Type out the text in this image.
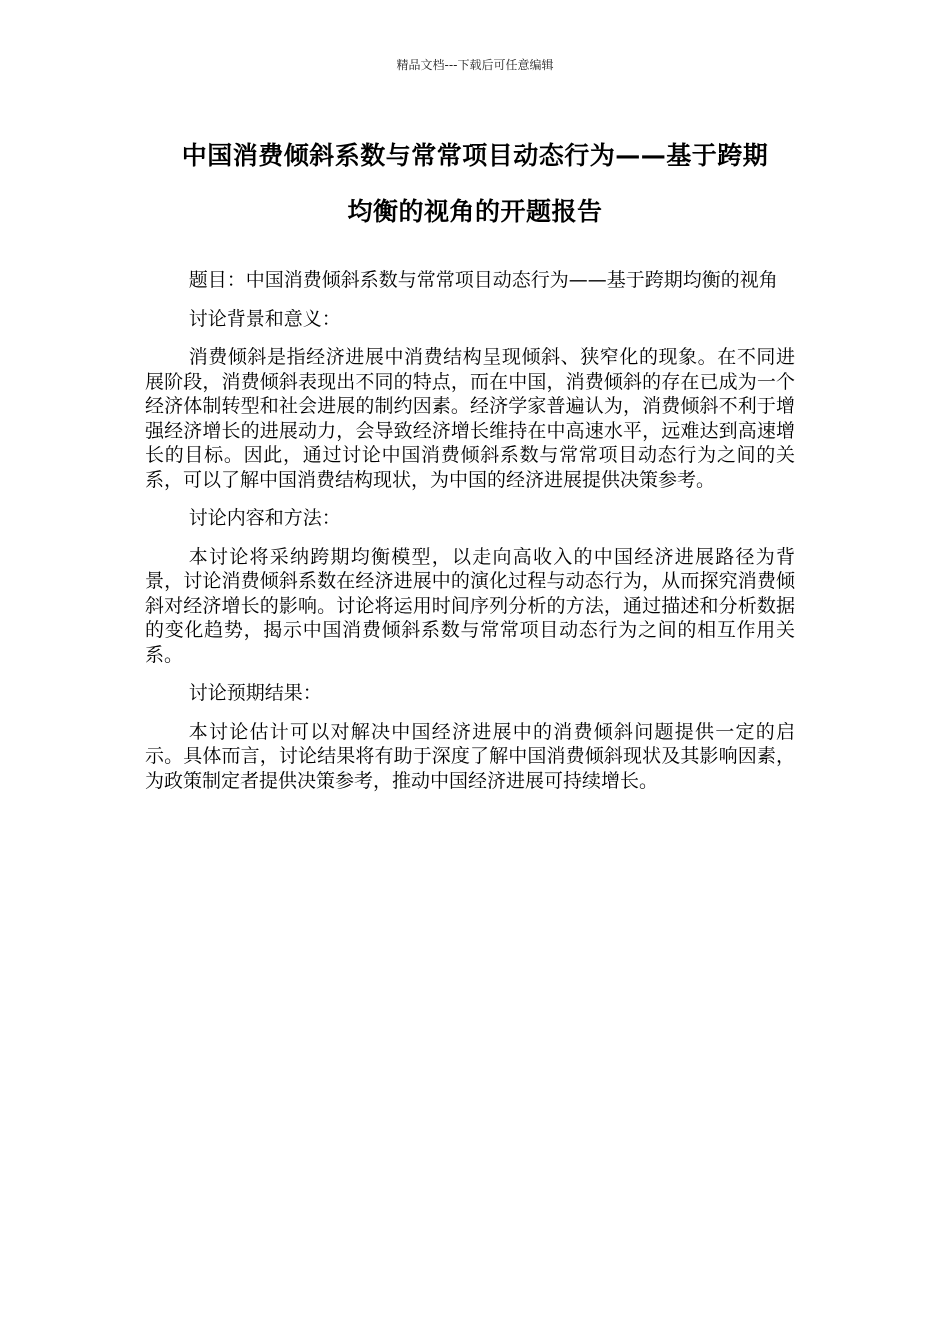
精品文档---下载后可任意编辑
中国消费倾斜系数与常常项目动态行为——基于跨期
均衡的视角的开题报告

题目：中国消费倾斜系数与常常项目动态行为——基于跨期均衡的视角

讨论背景和意义：

消费倾斜是指经济进展中消费结构呈现倾斜、狭窄化的现象。在不同进展阶段，消费倾斜表现出不同的特点，而在中国，消费倾斜的存在已成为一个经济体制转型和社会进展的制约因素。经济学家普遍认为，消费倾斜不利于增强经济增长的进展动力，会导致经济增长维持在中高速水平，远难达到高速增长的目标。因此，通过讨论中国消费倾斜系数与常常项目动态行为之间的关系，可以了解中国消费结构现状，为中国的经济进展提供决策参考。

讨论内容和方法：

本讨论将采纳跨期均衡模型，以走向高收入的中国经济进展路径为背景，讨论消费倾斜系数在经济进展中的演化过程与动态行为，从而探究消费倾斜对经济增长的影响。讨论将运用时间序列分析的方法，通过描述和分析数据的变化趋势，揭示中国消费倾斜系数与常常项目动态行为之间的相互作用关系。

讨论预期结果：

本讨论估计可以对解决中国经济进展中的消费倾斜问题提供一定的启示。具体而言，讨论结果将有助于深度了解中国消费倾斜现状及其影响因素，为政策制定者提供决策参考，推动中国经济进展可持续增长。
